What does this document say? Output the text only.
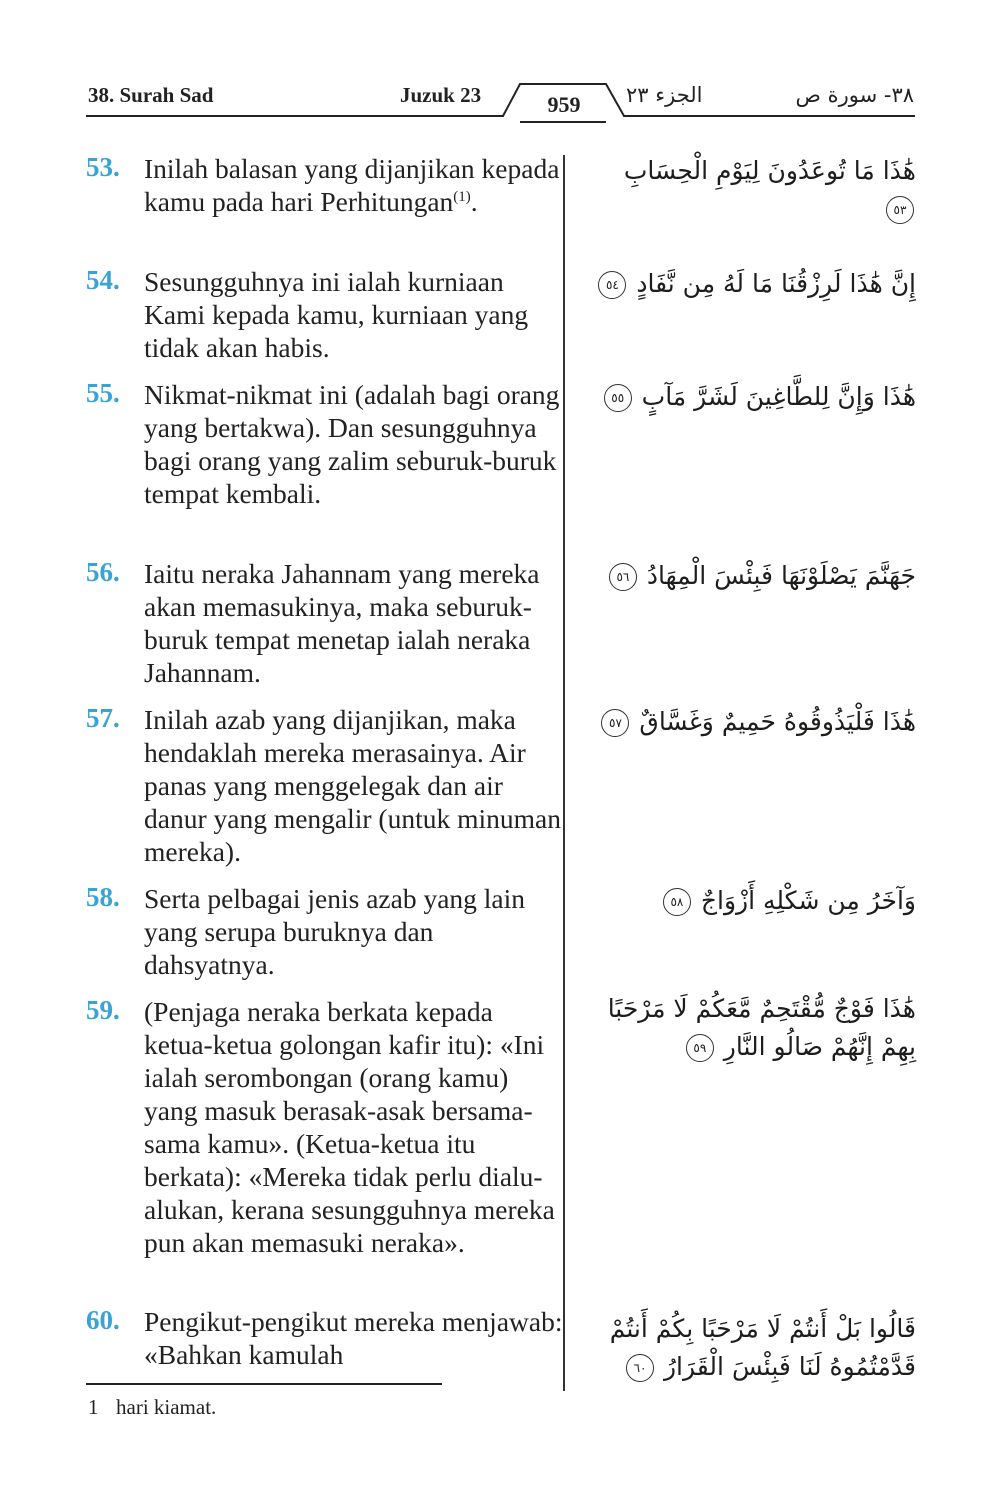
38. Surah Sad	Juzuk 23	959	الجزء ٢٣	٣٨- سورة ص
53. Inilah balasan yang dijanjikan kepada kamu pada hari Perhitungan$^{(1)}$.
54. Sesungguhnya ini ialah kurniaan Kami kepada kamu, kurniaan yang tidak akan habis.
55. Nikmat-nikmat ini (adalah bagi orang yang bertakwa). Dan sesungguhnya bagi orang yang zalim seburuk-buruk tempat kembali.
56. Iaitu neraka Jahannam yang mereka akan memasukinya, maka seburuk-buruk tempat menetap ialah neraka Jahannam.
57. Inilah azab yang dijanjikan, maka hendaklah mereka merasainya. Air panas yang menggelegak dan air danur yang mengalir (untuk minuman mereka).
58. Serta pelbagai jenis azab yang lain yang serupa buruknya dan dahsyatnya.
59. (Penjaga neraka berkata kepada ketua-ketua golongan kafir itu): «Ini ialah serombongan (orang kamu) yang masuk berasak-asak bersama-sama kamu». (Ketua-ketua itu berkata): «Mereka tidak perlu dialu-alukan, kerana sesungguhnya mereka pun akan memasuki neraka».
60. Pengikut-pengikut mereka menjawab: «Bahkan kamulah
هَٰذَا مَا تُوعَدُونَ لِيَوْمِ الْحِسَابِ ٥٣
إِنَّ هَٰذَا لَرِزْقُنَا مَا لَهُ مِن نَّفَادٍ ٥٤
هَٰذَا وَإِنَّ لِلطَّاغِينَ لَشَرَّ مَآبٍ ٥٥
جَهَنَّمَ يَصْلَوْنَهَا فَبِئْسَ الْمِهَادُ ٥٦
هَٰذَا فَلْيَذُوقُوهُ حَمِيمٌ وَغَسَّاقٌ ٥٧
وَآخَرُ مِن شَكْلِهِ أَزْوَاجٌ ٥٨
هَٰذَا فَوْجٌ مُّقْتَحِمٌ مَّعَكُمْ لَا مَرْحَبًا بِهِمْ إِنَّهُمْ صَالُو النَّارِ ٥٩
قَالُوا بَلْ أَنتُمْ لَا مَرْحَبًا بِكُمْ أَنتُمْ قَدَّمْتُمُوهُ لَنَا فَبِئْسَ الْقَرَارُ ٦٠
1 hari kiamat.
